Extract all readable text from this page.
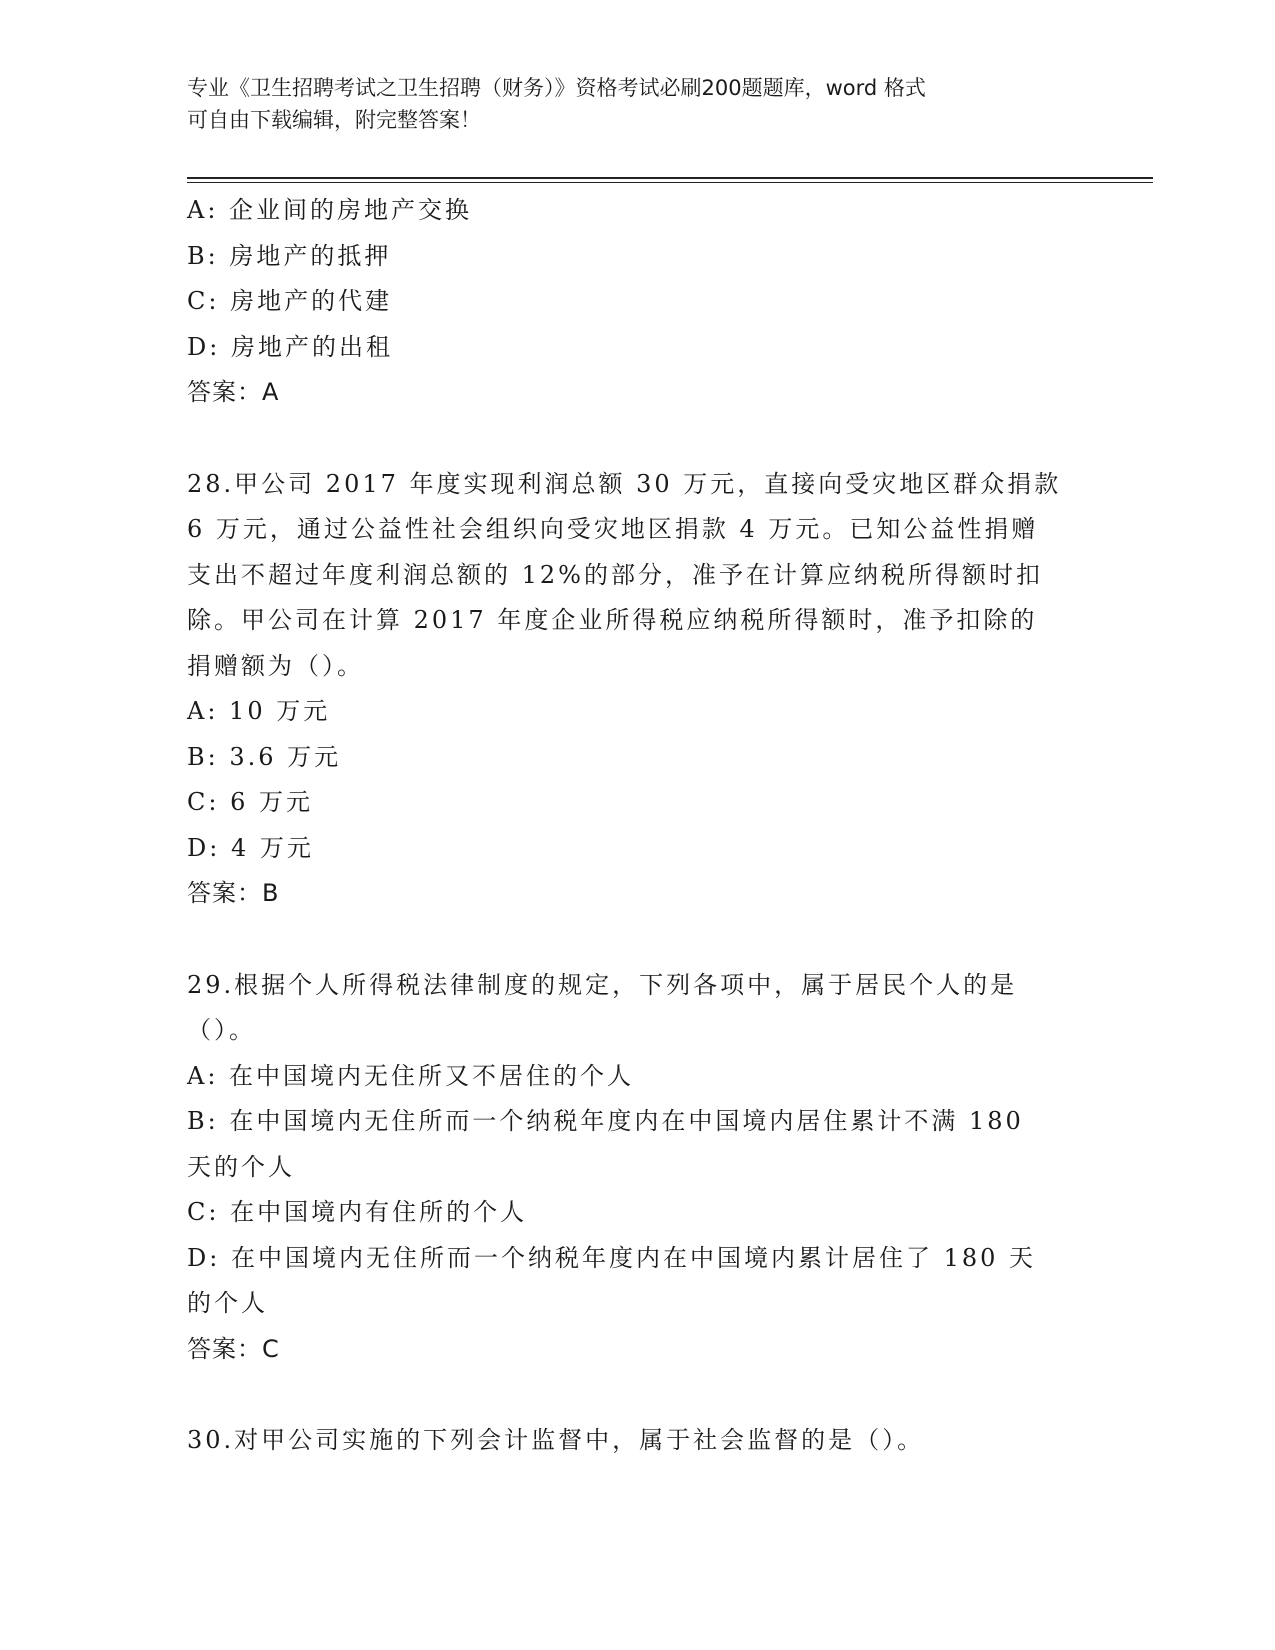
专业《卫生招聘考试之卫生招聘（财务）》资格考试必刷200题题库，word 格式
可自由下载编辑，附完整答案！
A: 企业间的房地产交换
B: 房地产的抵押
C: 房地产的代建
D: 房地产的出租
答案：A
28.甲公司 2017 年度实现利润总额 30 万元，直接向受灾地区群众捐款
6 万元，通过公益性社会组织向受灾地区捐款 4 万元。已知公益性捐赠
支出不超过年度利润总额的 12%的部分，准予在计算应纳税所得额时扣
除。甲公司在计算 2017 年度企业所得税应纳税所得额时，准予扣除的
捐赠额为（）。
A: 10 万元
B: 3.6 万元
C: 6 万元
D: 4 万元
答案：B
29.根据个人所得税法律制度的规定，下列各项中，属于居民个人的是
（）。
A: 在中国境内无住所又不居住的个人
B: 在中国境内无住所而一个纳税年度内在中国境内居住累计不满 180
天的个人
C: 在中国境内有住所的个人
D: 在中国境内无住所而一个纳税年度内在中国境内累计居住了 180 天
的个人
答案：C
30.对甲公司实施的下列会计监督中，属于社会监督的是（）。
